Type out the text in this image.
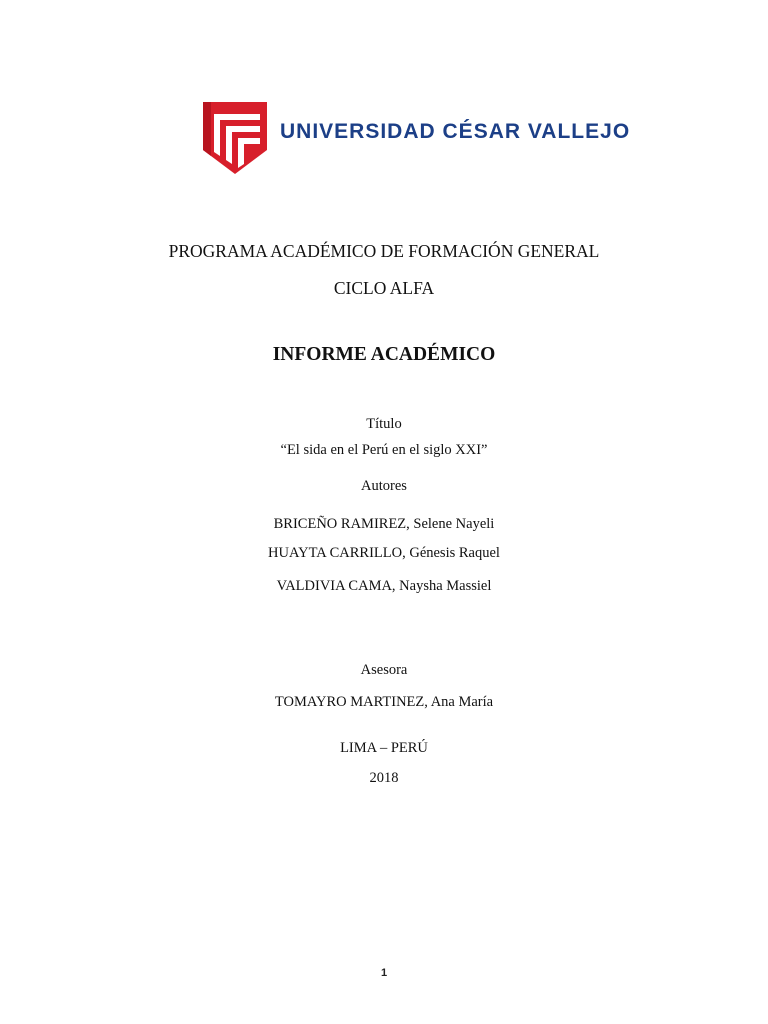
UNIVERSIDAD CÉSAR VALLEJO
PROGRAMA ACADÉMICO DE FORMACIÓN GENERAL
CICLO ALFA
INFORME ACADÉMICO
Título
“El sida en el Perú en el siglo XXI”
Autores
BRICEÑO RAMIREZ, Selene Nayeli
HUAYTA CARRILLO, Génesis Raquel
VALDIVIA CAMA, Naysha Massiel
Asesora
TOMAYRO MARTINEZ, Ana María
LIMA – PERÚ
2018
1
